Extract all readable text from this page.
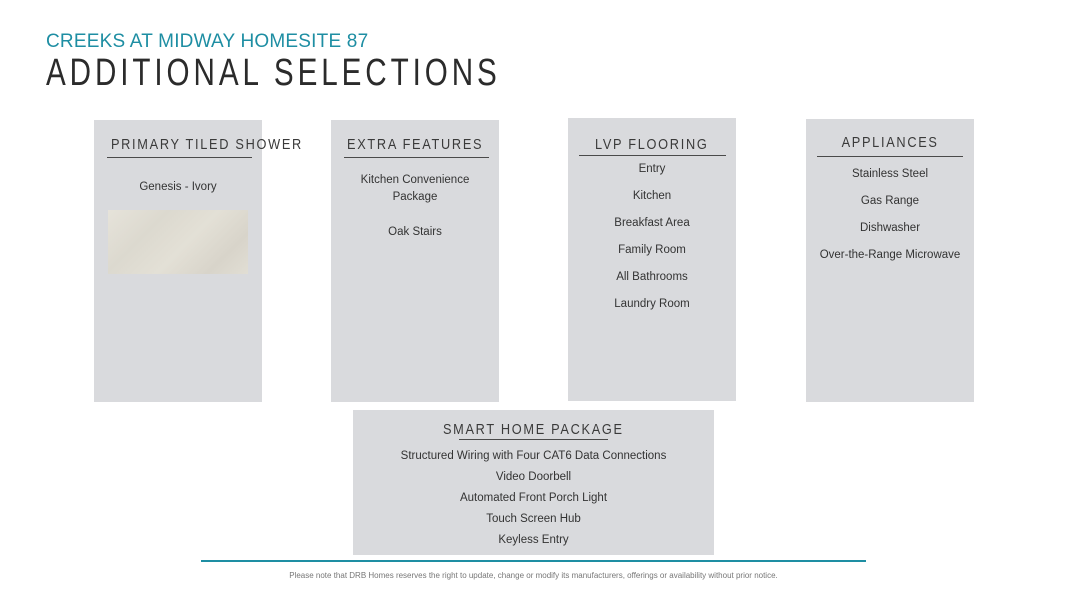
CREEKS AT MIDWAY HOMESITE 87
ADDITIONAL SELECTIONS
PRIMARY TILED SHOWER
Genesis - Ivory
EXTRA FEATURES
Kitchen Convenience Package
Oak Stairs
LVP FLOORING
Entry
Kitchen
Breakfast Area
Family Room
All Bathrooms
Laundry Room
APPLIANCES
Stainless Steel
Gas Range
Dishwasher
Over-the-Range Microwave
SMART HOME PACKAGE
Structured Wiring with Four CAT6 Data Connections
Video Doorbell
Automated Front Porch Light
Touch Screen Hub
Keyless Entry
Please note that DRB Homes reserves the right to update, change or modify its manufacturers, offerings or availability without prior notice.
